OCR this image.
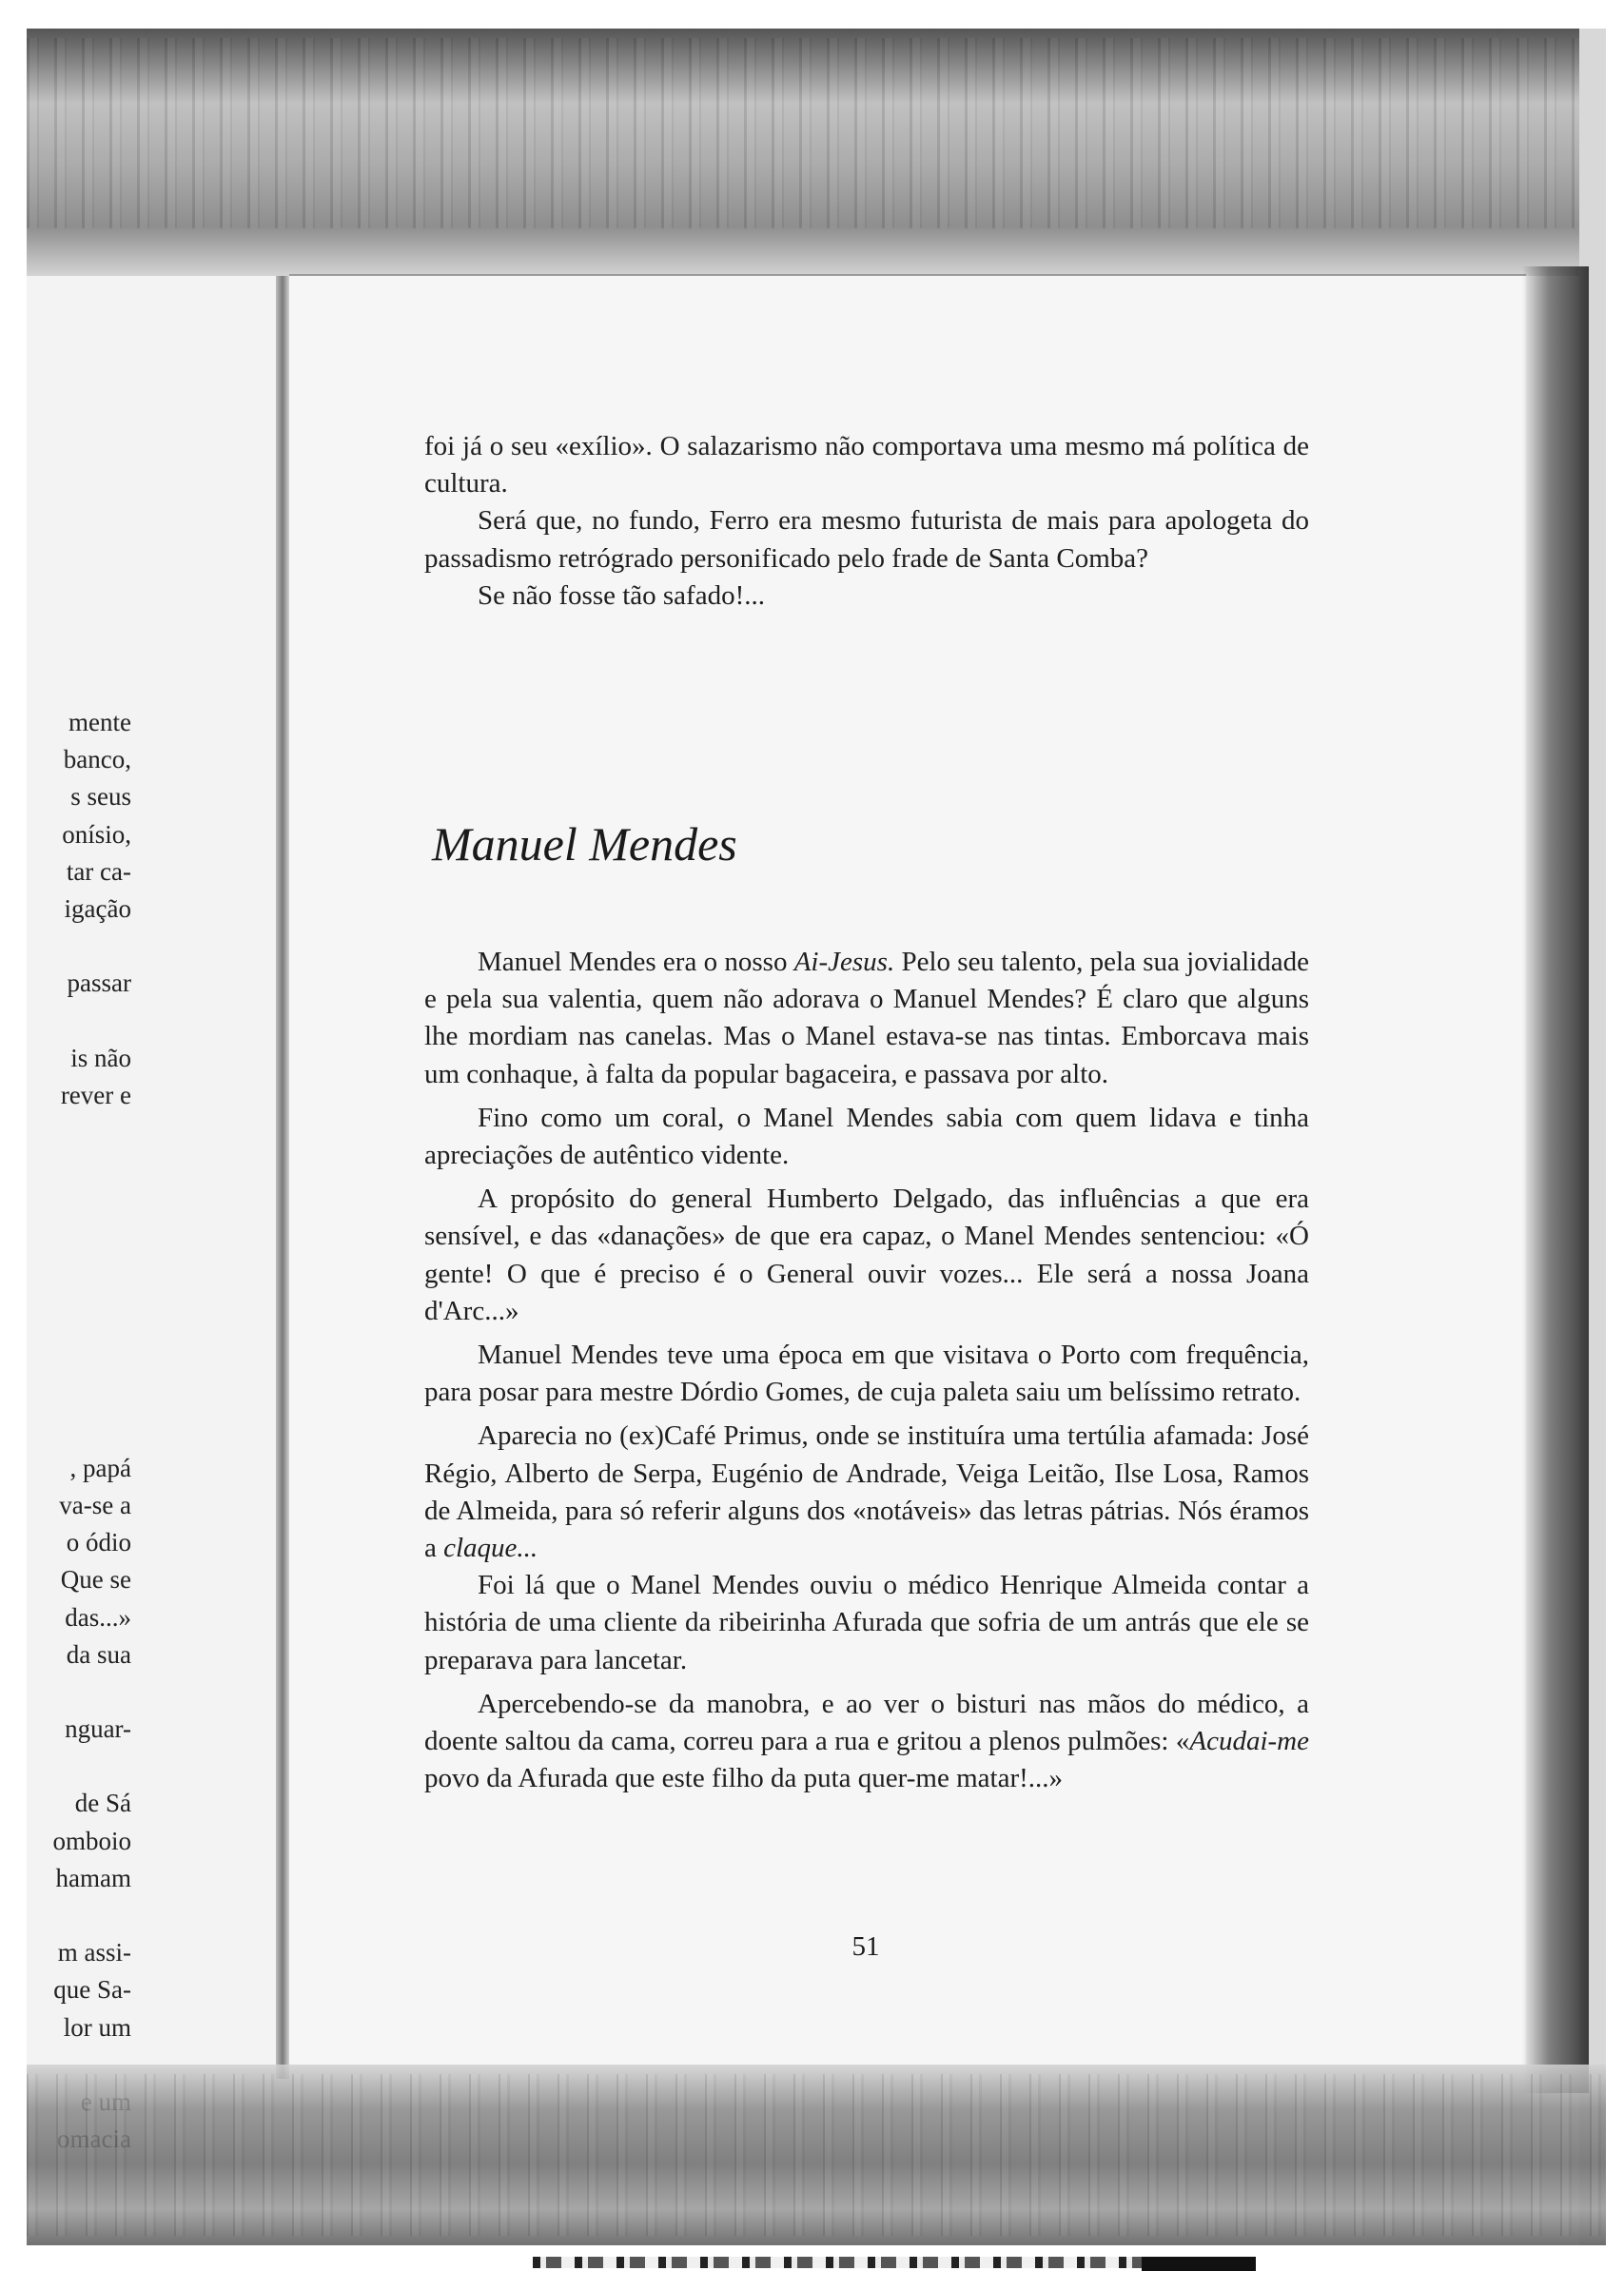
mente
banco,
s seus
onísio,
tar ca-
igação

passar

is não
rever e

, papá
va-se a
o ódio
Que se
das...»
da sua

nguar-

de Sá
omboio
hamam

m assi-
que Sa-
lor um

foi já o seu «exílio». O salazarismo não comportava uma mesmo má política de cultura.

Será que, no fundo, Ferro era mesmo futurista de mais para apologeta do passadismo retrógrado personificado pelo frade de Santa Comba?

Se não fosse tão safado!...

Manuel Mendes

Manuel Mendes era o nosso Ai-Jesus. Pelo seu talento, pela sua jovialidade e pela sua valentia, quem não adorava o Manuel Mendes? É claro que alguns lhe mordiam nas canelas. Mas o Manel estava-se nas tintas. Emborcava mais um conhaque, à falta da popular bagaceira, e passava por alto.

Fino como um coral, o Manel Mendes sabia com quem lidava e tinha apreciações de autêntico vidente.

A propósito do general Humberto Delgado, das influências a que era sensível, e das «danações» de que era capaz, o Manel Mendes sentenciou: «Ó gente! O que é preciso é o General ouvir vozes... Ele será a nossa Joana d'Arc...»

Manuel Mendes teve uma época em que visitava o Porto com frequência, para posar para mestre Dórdio Gomes, de cuja paleta saiu um belíssimo retrato.

Aparecia no (ex)Café Primus, onde se instituíra uma tertúlia afamada: José Régio, Alberto de Serpa, Eugénio de Andrade, Veiga Leitão, Ilse Losa, Ramos de Almeida, para só referir alguns dos «notáveis» das letras pátrias. Nós éramos a claque...

Foi lá que o Manel Mendes ouviu o médico Henrique Almeida contar a história de uma cliente da ribeirinha Afurada que sofria de um antrás que ele se preparava para lancetar.

Apercebendo-se da manobra, e ao ver o bisturi nas mãos do médico, a doente saltou da cama, correu para a rua e gritou a plenos pulmões: «Acudai-me povo da Afurada que este filho da puta quer-me matar!...»

51
